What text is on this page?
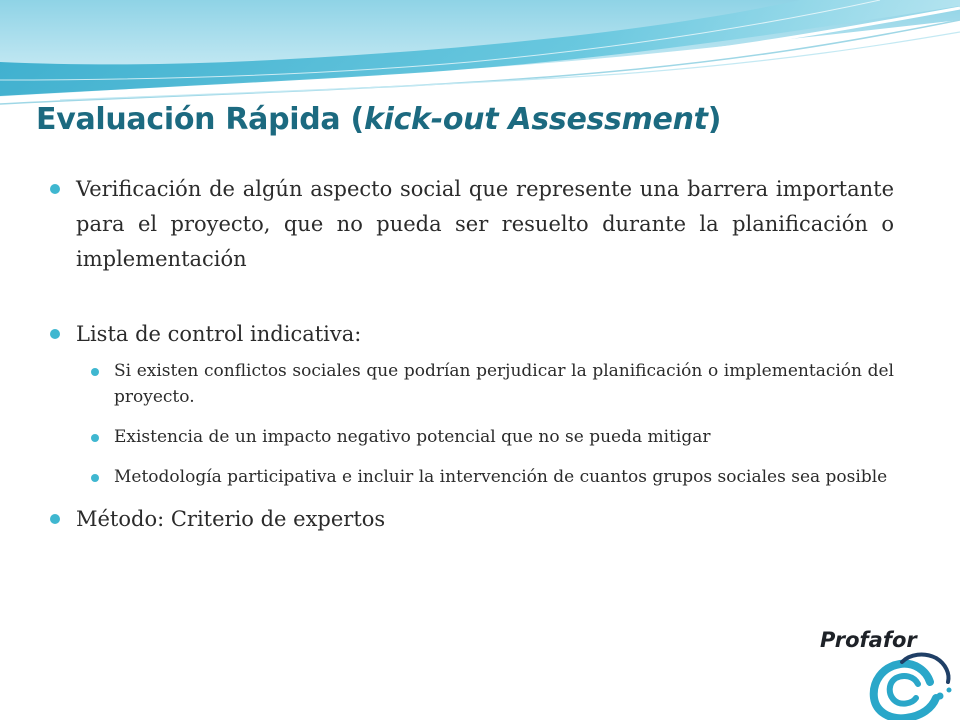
Evaluación Rápida (kick-out Assessment)
Verificación de algún aspecto social que represente una barrera importante para el proyecto, que no pueda ser resuelto durante la planificación o implementación
Lista de control indicativa:
Si existen conflictos sociales que podrían perjudicar la planificación o implementación del proyecto.
Existencia de un impacto negativo potencial que no se pueda mitigar
Metodología participativa e incluir la intervención de cuantos grupos sociales sea posible
Método: Criterio de expertos
Profafor
